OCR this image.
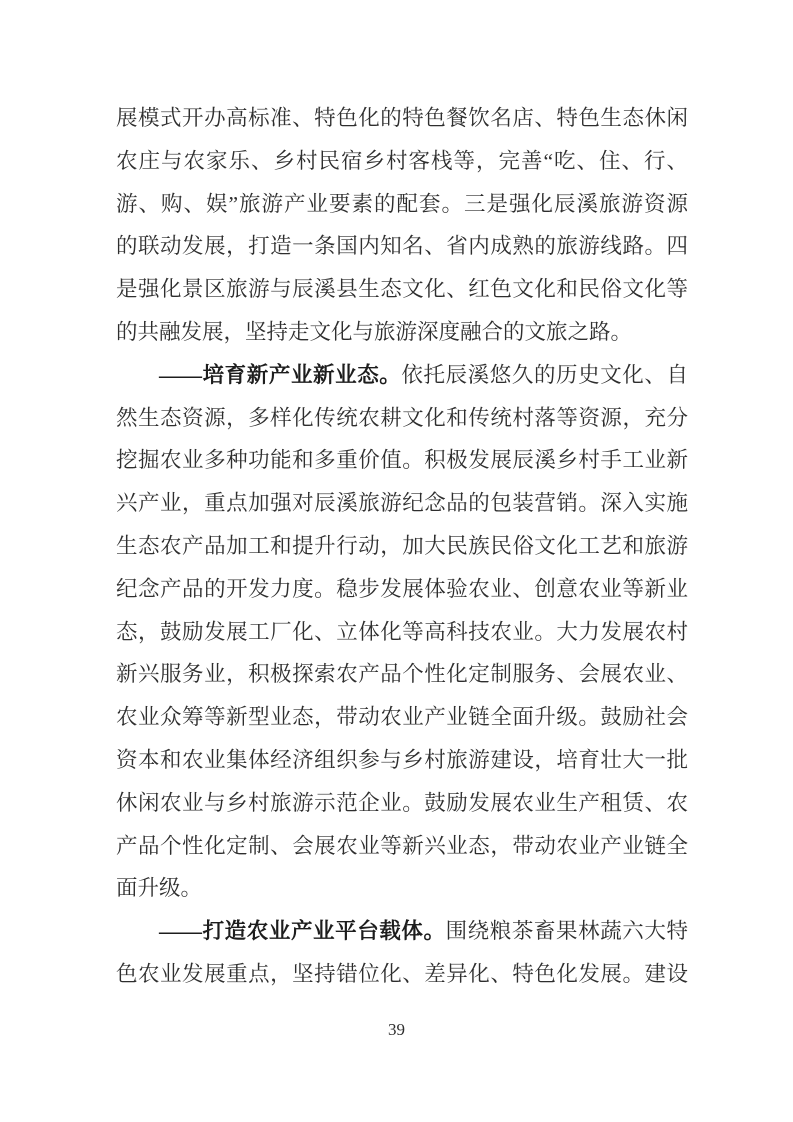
展模式开办高标准、特色化的特色餐饮名店、特色生态休闲
农庄与农家乐、乡村民宿乡村客栈等，完善“吃、住、行、
游、购、娱”旅游产业要素的配套。三是强化辰溪旅游资源
的联动发展，打造一条国内知名、省内成熟的旅游线路。四
是强化景区旅游与辰溪县生态文化、红色文化和民俗文化等
的共融发展，坚持走文化与旅游深度融合的文旅之路。
——培育新产业新业态。依托辰溪悠久的历史文化、自
然生态资源，多样化传统农耕文化和传统村落等资源，充分
挖掘农业多种功能和多重价值。积极发展辰溪乡村手工业新
兴产业，重点加强对辰溪旅游纪念品的包装营销。深入实施
生态农产品加工和提升行动，加大民族民俗文化工艺和旅游
纪念产品的开发力度。稳步发展体验农业、创意农业等新业
态，鼓励发展工厂化、立体化等高科技农业。大力发展农村
新兴服务业，积极探索农产品个性化定制服务、会展农业、
农业众筹等新型业态，带动农业产业链全面升级。鼓励社会
资本和农业集体经济组织参与乡村旅游建设，培育壮大一批
休闲农业与乡村旅游示范企业。鼓励发展农业生产租赁、农
产品个性化定制、会展农业等新兴业态，带动农业产业链全
面升级。
——打造农业产业平台载体。围绕粮茶畜果林蔬六大特
色农业发展重点，坚持错位化、差异化、特色化发展。建设
39
